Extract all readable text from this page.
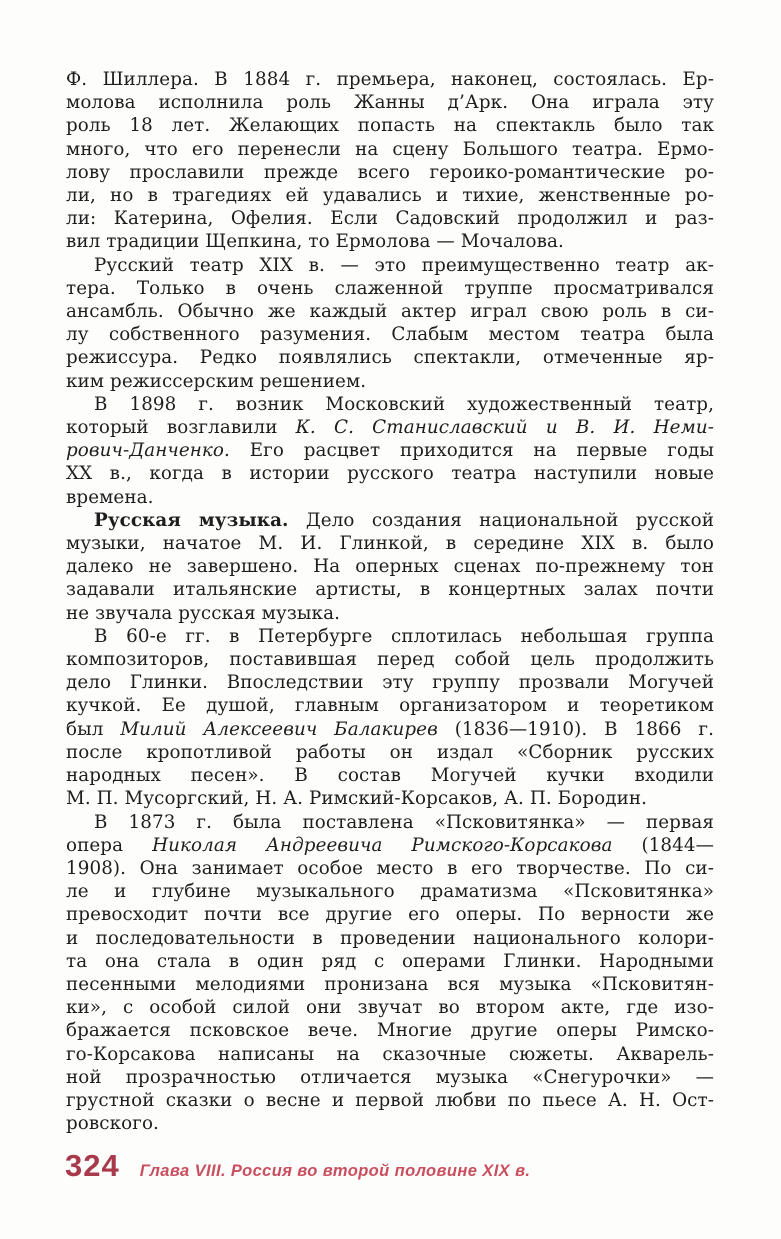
Ф. Шиллера. В 1884 г. премьера, наконец, состоялась. Ер-
молова исполнила роль Жанны д’Арк. Она играла эту
роль 18 лет. Желающих попасть на спектакль было так
много, что его перенесли на сцену Большого театра. Ермо-
лову прославили прежде всего героико-романтические ро-
ли, но в трагедиях ей удавались и тихие, женственные ро-
ли: Катерина, Офелия. Если Садовский продолжил и раз-
вил традиции Щепкина, то Ермолова — Мочалова.
Русский театр XIX в. — это преимущественно театр ак-
тера. Только в очень слаженной труппе просматривался
ансамбль. Обычно же каждый актер играл свою роль в си-
лу собственного разумения. Слабым местом театра была
режиссура. Редко появлялись спектакли, отмеченные яр-
ким режиссерским решением.
В 1898 г. возник Московский художественный театр,
который возглавили К. С. Станиславский и В. И. Неми-
рович-Данченко. Его расцвет приходится на первые годы
XX в., когда в истории русского театра наступили новые
времена.
Русская музыка. Дело создания национальной русской
музыки, начатое М. И. Глинкой, в середине XIX в. было
далеко не завершено. На оперных сценах по-прежнему тон
задавали итальянские артисты, в концертных залах почти
не звучала русская музыка.
В 60-е гг. в Петербурге сплотилась небольшая группа
композиторов, поставившая перед собой цель продолжить
дело Глинки. Впоследствии эту группу прозвали Могучей
кучкой. Ее душой, главным организатором и теоретиком
был Милий Алексеевич Балакирев (1836—1910). В 1866 г.
после кропотливой работы он издал «Сборник русских
народных песен». В состав Могучей кучки входили
М. П. Мусоргский, Н. А. Римский-Корсаков, А. П. Бородин.
В 1873 г. была поставлена «Псковитянка» — первая
опера Николая Андреевича Римского-Корсакова (1844—
1908). Она занимает особое место в его творчестве. По си-
ле и глубине музыкального драматизма «Псковитянка»
превосходит почти все другие его оперы. По верности же
и последовательности в проведении национального колори-
та она стала в один ряд с операми Глинки. Народными
песенными мелодиями пронизана вся музыка «Псковитян-
ки», с особой силой они звучат во втором акте, где изо-
бражается псковское вече. Многие другие оперы Римско-
го-Корсакова написаны на сказочные сюжеты. Акварель-
ной прозрачностью отличается музыка «Снегурочки» —
грустной сказки о весне и первой любви по пьесе А. Н. Ост-
ровского.
324 Глава VIII. Россия во второй половине XIX в.
